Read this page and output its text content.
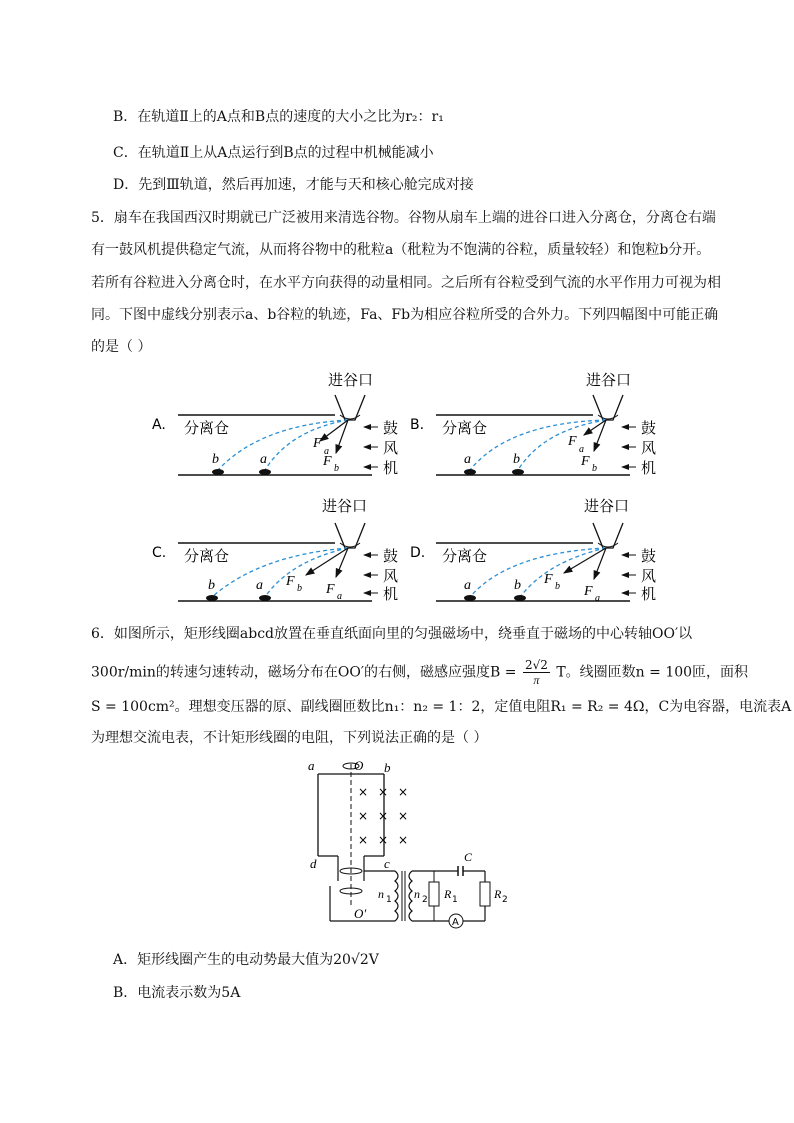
B．在轨道Ⅱ上的A点和B点的速度的大小之比为r₂：r₁
C．在轨道Ⅱ上从A点运行到B点的过程中机械能减小
D．先到Ⅲ轨道，然后再加速，才能与天和核心舱完成对接
5．扇车在我国西汉时期就已广泛被用来清选谷物。谷物从扇车上端的进谷口进入分离仓，分离仓右端
有一鼓风机提供稳定气流，从而将谷物中的秕粒a（秕粒为不饱满的谷粒，质量较轻）和饱粒b分开。
若所有谷粒进入分离仓时，在水平方向获得的动量相同。之后所有谷粒受到气流的水平作用力可视为相
同。下图中虚线分别表示a、b谷粒的轨迹，Fa、Fb为相应谷粒所受的合外力。下列四幅图中可能正确
的是（ ）
A.
进谷口
分离仓	鼓
风
机
b	a
F
a
F b
B.
进谷口
分离仓	鼓
风
机
a	b
F
a
F b
C.
进谷口
分离仓	鼓
风
机
b	a F b F a
D.
进谷口
分离仓	鼓
风
机
a	b F b F a
6．如图所示，矩形线圈abcd放置在垂直纸面向里的匀强磁场中，绕垂直于磁场的中心转轴OO′以
300r/min的转速匀速转动，磁场分布在OO′的右侧，磁感应强度$B = \frac{2√2}{\pi}$ T。线圈匝数n = 100匝，面积
S = 100cm²。理想变压器的原、副线圈匝数比n₁：n₂ = 1：2，定值电阻R₁ = R₂ = 4Ω，C为电容器，电流表A
为理想交流电表，不计矩形线圈的电阻，下列说法正确的是（ ）
O
O′
a	b
c
d
× × ×
× × ×
× × ×
n 1 n 2 R 1
C
R 2
A
A．矩形线圈产生的电动势最大值为20√2V
B．电流表示数为5A
